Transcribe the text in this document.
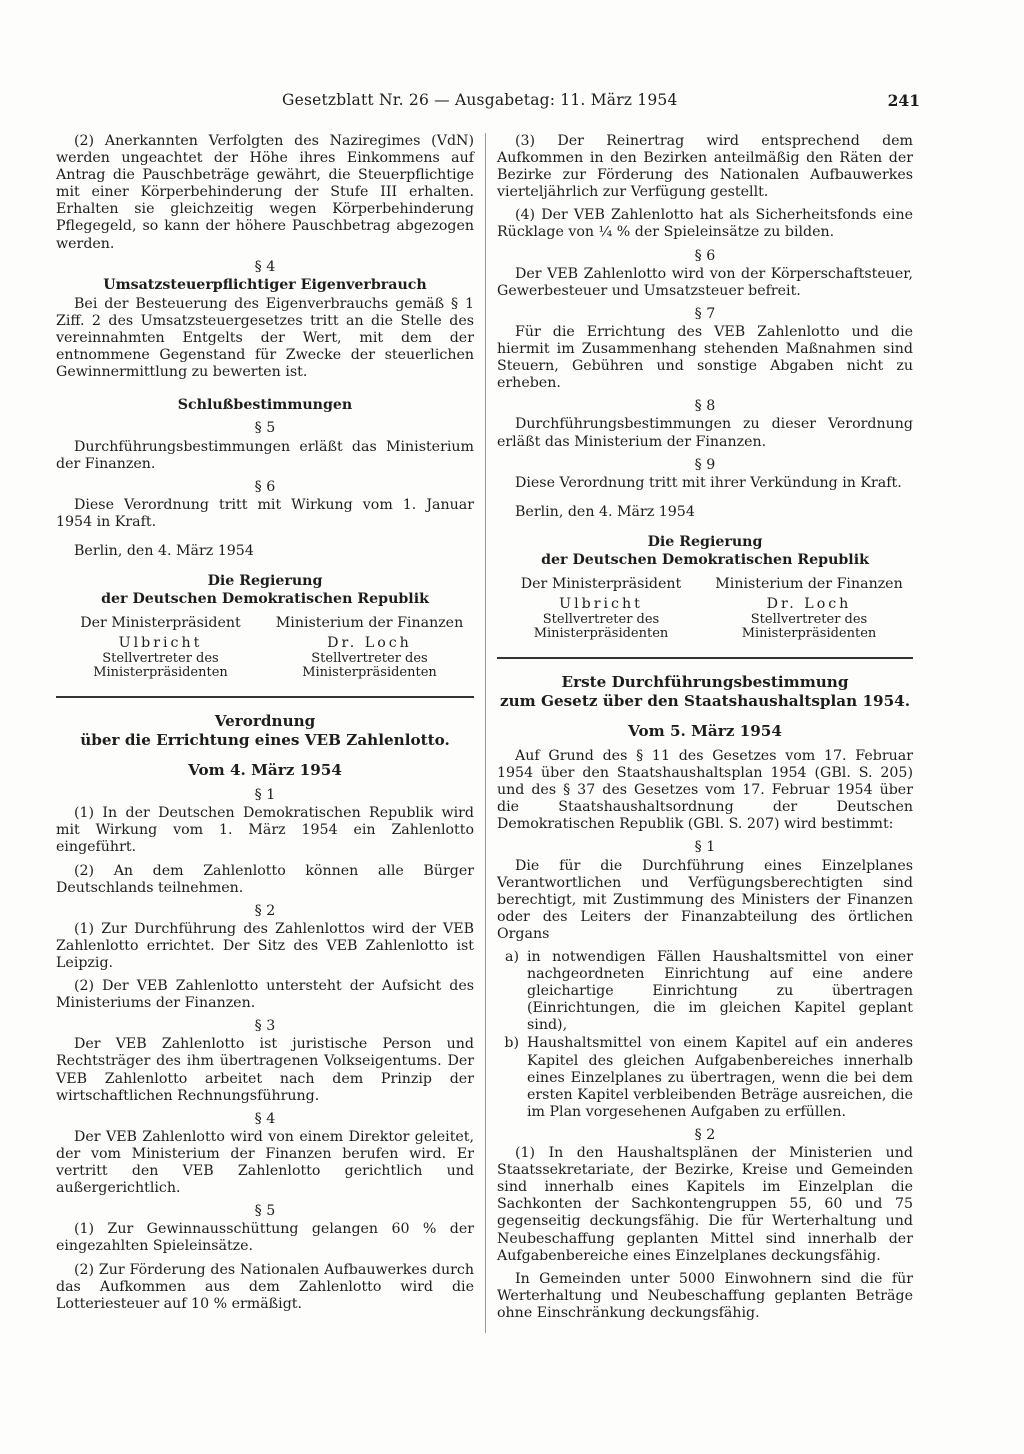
Gesetzblatt Nr. 26 — Ausgabetag: 11. März 1954	241

(2) Anerkannten Verfolgten des Naziregimes (VdN) werden ungeachtet der Höhe ihres Einkommens auf Antrag die Pauschbeträge gewährt, die Steuerpflichtige mit einer Körperbehinderung der Stufe III erhalten. Erhalten sie gleichzeitig wegen Körperbehinderung Pflegegeld, so kann der höhere Pauschbetrag abgezogen werden.

§ 4
Umsatzsteuerpflichtiger Eigenverbrauch

Bei der Besteuerung des Eigenverbrauchs gemäß § 1 Ziff. 2 des Umsatzsteuergesetzes tritt an die Stelle des vereinnahmten Entgelts der Wert, mit dem der entnommene Gegenstand für Zwecke der steuerlichen Gewinnermittlung zu bewerten ist.

Schlußbestimmungen
§ 5

Durchführungsbestimmungen erläßt das Ministerium der Finanzen.

§ 6

Diese Verordnung tritt mit Wirkung vom 1. Januar 1954 in Kraft.

Berlin, den 4. März 1954

Die Regierung
der Deutschen Demokratischen Republik
Der Ministerpräsident
Ulbricht
Stellvertreter des
Ministerpräsidenten
Ministerium der Finanzen
Dr. Loch
Stellvertreter des
Ministerpräsidenten
Verordnung
über die Errichtung eines VEB Zahlenlotto.
Vom 4. März 1954
§ 1

(1) In der Deutschen Demokratischen Republik wird mit Wirkung vom 1. März 1954 ein Zahlenlotto eingeführt.

(2) An dem Zahlenlotto können alle Bürger Deutschlands teilnehmen.

§ 2

(1) Zur Durchführung des Zahlenlottos wird der VEB Zahlenlotto errichtet. Der Sitz des VEB Zahlenlotto ist Leipzig.

(2) Der VEB Zahlenlotto untersteht der Aufsicht des Ministeriums der Finanzen.

§ 3

Der VEB Zahlenlotto ist juristische Person und Rechtsträger des ihm übertragenen Volkseigentums. Der VEB Zahlenlotto arbeitet nach dem Prinzip der wirtschaftlichen Rechnungsführung.

§ 4

Der VEB Zahlenlotto wird von einem Direktor geleitet, der vom Ministerium der Finanzen berufen wird. Er vertritt den VEB Zahlenlotto gerichtlich und außergerichtlich.

§ 5

(1) Zur Gewinnausschüttung gelangen 60 % der eingezahlten Spieleinsätze.

(2) Zur Förderung des Nationalen Aufbauwerkes durch das Aufkommen aus dem Zahlenlotto wird die Lotteriesteuer auf 10 % ermäßigt.

(3) Der Reinertrag wird entsprechend dem Aufkommen in den Bezirken anteilmäßig den Räten der Bezirke zur Förderung des Nationalen Aufbauwerkes vierteljährlich zur Verfügung gestellt.

(4) Der VEB Zahlenlotto hat als Sicherheitsfonds eine Rücklage von ¼ % der Spieleinsätze zu bilden.

§ 6

Der VEB Zahlenlotto wird von der Körperschaftsteuer, Gewerbesteuer und Umsatzsteuer befreit.

§ 7

Für die Errichtung des VEB Zahlenlotto und die hiermit im Zusammenhang stehenden Maßnahmen sind Steuern, Gebühren und sonstige Abgaben nicht zu erheben.

§ 8

Durchführungsbestimmungen zu dieser Verordnung erläßt das Ministerium der Finanzen.

§ 9

Diese Verordnung tritt mit ihrer Verkündung in Kraft.

Berlin, den 4. März 1954

Die Regierung
der Deutschen Demokratischen Republik
Der Ministerpräsident
Ulbricht
Stellvertreter des
Ministerpräsidenten
Ministerium der Finanzen
Dr. Loch
Stellvertreter des
Ministerpräsidenten
Erste Durchführungsbestimmung
zum Gesetz über den Staatshaushaltsplan 1954.
Vom 5. März 1954

Auf Grund des § 11 des Gesetzes vom 17. Februar 1954 über den Staatshaushaltsplan 1954 (GBl. S. 205) und des § 37 des Gesetzes vom 17. Februar 1954 über die Staatshaushaltsordnung der Deutschen Demokratischen Republik (GBl. S. 207) wird bestimmt:

§ 1

Die für die Durchführung eines Einzelplanes Verantwortlichen und Verfügungsberechtigten sind berechtigt, mit Zustimmung des Ministers der Finanzen oder des Leiters der Finanzabteilung des örtlichen Organs

a) in notwendigen Fällen Haushaltsmittel von einer nachgeordneten Einrichtung auf eine andere gleichartige Einrichtung zu übertragen (Einrichtungen, die im gleichen Kapitel geplant sind),
b) Haushaltsmittel von einem Kapitel auf ein anderes Kapitel des gleichen Aufgabenbereiches innerhalb eines Einzelplanes zu übertragen, wenn die bei dem ersten Kapitel verbleibenden Beträge ausreichen, die im Plan vorgesehenen Aufgaben zu erfüllen.
§ 2

(1) In den Haushaltsplänen der Ministerien und Staatssekretariate, der Bezirke, Kreise und Gemeinden sind innerhalb eines Kapitels im Einzelplan die Sachkonten der Sachkontengruppen 55, 60 und 75 gegenseitig deckungsfähig. Die für Werterhaltung und Neubeschaffung geplanten Mittel sind innerhalb der Aufgabenbereiche eines Einzelplanes deckungsfähig.

In Gemeinden unter 5000 Einwohnern sind die für Werterhaltung und Neubeschaffung geplanten Beträge ohne Einschränkung deckungsfähig.
